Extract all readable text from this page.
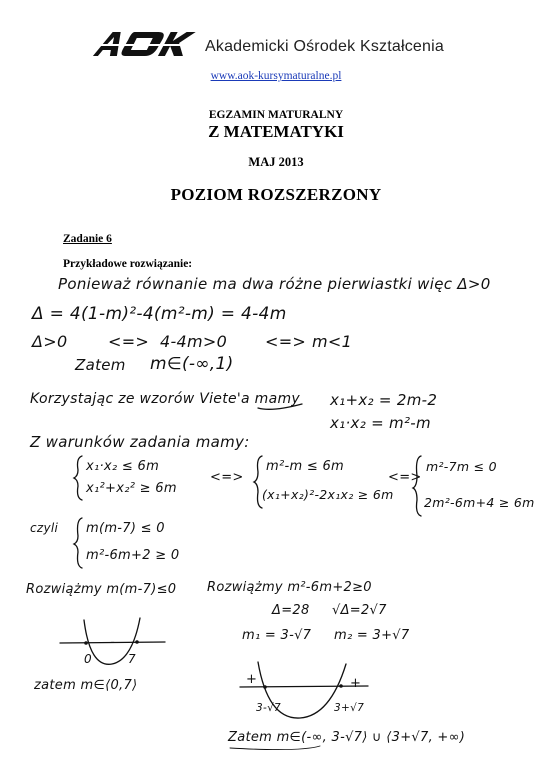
Akademicki Ośrodek Kształcenia
www.aok-kursymaturalne.pl
EGZAMIN MATURALNY
Z MATEMATYKI
MAJ 2013
POZIOM ROZSZERZONY
Zadanie 6
Przykładowe rozwiązanie:
Ponieważ równanie ma dwa różne pierwiastki więc Δ>0
Δ = 4(1-m)²-4(m²-m) = 4-4m
Δ>0	<=> 4-4m>0 <=> m<1
Zatem m∈(-∞,1)
Korzystając ze wzorów Viete'a mamy x₁+x₂ = 2m-2
x₁·x₂ = m²-m
Z warunków zadania mamy:
x₁·x₂ ≤ 6m
x₁²+x₂² ≥ 6m
<=>
m²-m ≤ 6m
(x₁+x₂)²-2x₁x₂ ≥ 6m
<=>
m²-7m ≤ 0
2m²-6m+4 ≥ 6m
czyli m(m-7) ≤ 0
m²-6m+2 ≥ 0
Rozwiążmy m(m-7)≤0 Rozwiążmy m²-6m+2≥0
Δ=28 √Δ=2√7
m₁ = 3-√7 m₂ = 3+√7
0	7
-
zatem m∈⟨0,7⟩	+	+
3-√7	3+√7
Zatem m∈(-∞, 3-√7⟩ ∪ ⟨3+√7, +∞)
